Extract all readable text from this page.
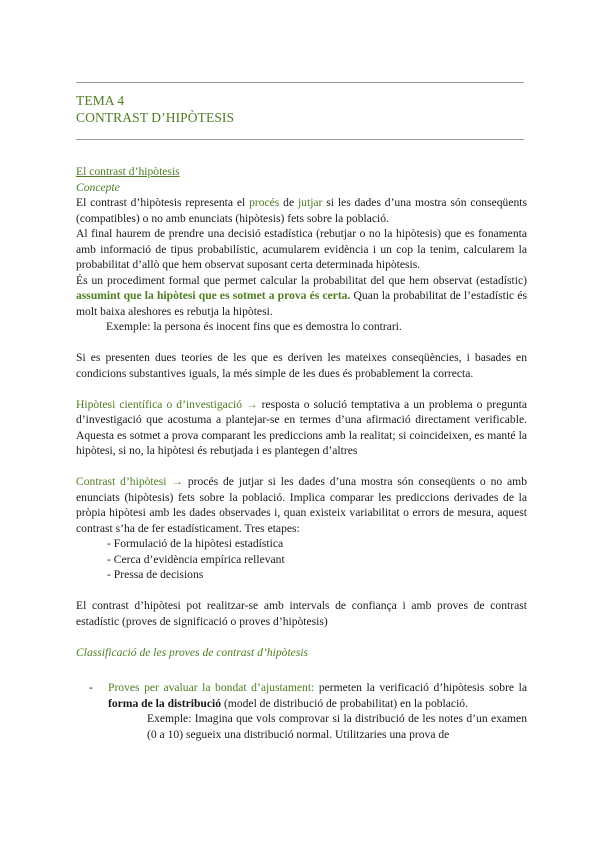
TEMA 4
CONTRAST D’HIPÒTESIS

El contrast d’hipòtesis

Concepte

El contrast d’hipòtesis representa el procés de jutjar si les dades d’una mostra són conseqüents (compatibles) o no amb enunciats (hipòtesis) fets sobre la població.

Al final haurem de prendre una decisió estadística (rebutjar o no la hipòtesis) que es fonamenta amb informació de tipus probabilístic, acumularem evidència i un cop la tenim, calcularem la probabilitat d’allò que hem observat suposant certa determinada hipòtesis.

És un procediment formal que permet calcular la probabilitat del que hem observat (estadístic) assumint que la hipòtesi que es sotmet a prova és certa. Quan la probabilitat de l’estadístic és molt baixa aleshores es rebutja la hipòtesi.

Exemple: la persona és inocent fins que es demostra lo contrari.

Si es presenten dues teories de les que es deriven les mateixes conseqüències, i basades en condicions substantives iguals, la més simple de les dues és probablement la correcta.

Hipòtesi científica o d’investigació → resposta o solució temptativa a un problema o pregunta d’investigació que acostuma a plantejar-se en termes d’una afirmació directament verificable. Aquesta es sotmet a prova comparant les prediccions amb la realitat; si coincideixen, es manté la hipòtesi, si no, la hipòtesi és rebutjada i es plantegen d’altres

Contrast d’hipòtesi → procés de jutjar si les dades d’una mostra són conseqüents o no amb enunciats (hipòtesis) fets sobre la població. Implica comparar les prediccions derivades de la pròpia hipòtesi amb les dades observades i, quan existeix variabilitat o errors de mesura, aquest contrast s’ha de fer estadísticament. Tres etapes:

- Formulació de la hipòtesi estadística
- Cerca d’evidència empírica rellevant
- Pressa de decisions

El contrast d’hipòtesi pot realitzar-se amb intervals de confiança i amb proves de contrast estadístic (proves de significació o proves d’hipòtesis)

Classificació de les proves de contrast d’hipòtesis

- Proves per avaluar la bondat d’ajustament: permeten la verificació d’hipòtesis sobre la forma de la distribució (model de distribució de probabilitat) en la població.

Exemple: Imagina que vols comprovar si la distribució de les notes d’un examen (0 a 10) segueix una distribució normal. Utilitzaries una prova de
